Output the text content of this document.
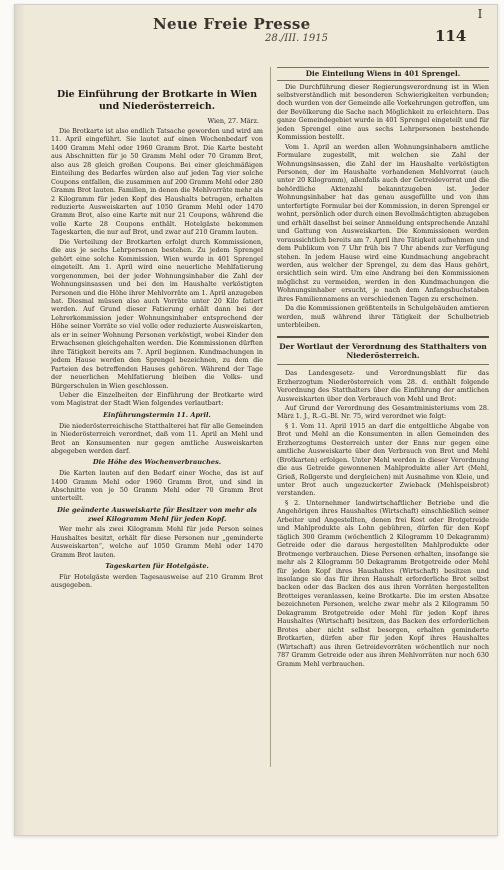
Neue Freie Presse
28./III. 1915	114
I
Die Einführung der Brotkarte in Wien und Niederösterreich.
Wien, 27. März.

Die Brotkarte ist also endlich Tatsache geworden und wird am 11. April eingeführt. Sie lautet auf einen Wochenbedarf von 1400 Gramm Mehl oder 1960 Gramm Brot. Die Karte besteht aus Abschnitten für je 50 Gramm Mehl oder 70 Gramm Brot, also aus 28 gleich großen Coupons. Bei einer gleichmäßigen Einteilung des Bedarfes würden also auf jeden Tag vier solche Coupons entfallen, die zusammen auf 200 Gramm Mehl oder 280 Gramm Brot lauten. Familien, in denen die Mehlvorräte mehr als 2 Kilogramm für jeden Kopf des Haushalts betragen, erhalten reduzierte Ausweiskarten auf 1050 Gramm Mehl oder 1470 Gramm Brot, also eine Karte mit nur 21 Coupons, während die volle Karte 28 Coupons enthält. Hotelgäste bekommen Tageskarten, die nur auf Brot, und zwar auf 210 Gramm lauten.

Die Verteilung der Brotkarten erfolgt durch Kommissionen, die aus je sechs Lehrpersonen bestehen. Zu jedem Sprengel gehört eine solche Kommission. Wien wurde in 401 Sprengel eingeteilt. Am 1. April wird eine neuerliche Mehlfatierung vorgenommen, bei der jeder Wohnungsinhaber die Zahl der Wohnungsinsassen und bei den im Haushalte verköstigten Personen und die Höhe ihrer Mehlvorräte am 1. April anzugeben hat. Diesmal müssen also auch Vorräte unter 20 Kilo fatiert werden. Auf Grund dieser Fatierung erhält dann bei der Lehrerkommission jeder Wohnungsinhaber entsprechend der Höhe seiner Vorräte so viel volle oder reduzierte Ausweiskarten, als er in seiner Wohnung Personen verköstigt, wobei Kinder den Erwachsenen gleichgehalten werden. Die Kommissionen dürften ihre Tätigkeit bereits am 7. April beginnen. Kundmachungen in jedem Hause werden den Sprengel bezeichnen, zu dem die Parteien des betreffenden Hauses gehören. Während der Tage der neuerlichen Mehlfatierung bleiben die Volks- und Bürgerschulen in Wien geschlossen.

Ueber die Einzelheiten der Einführung der Brotkarte wird vom Magistrat der Stadt Wien folgendes verlautbart:

Einführungstermin 11. April.

Die niederösterreichische Statthalterei hat für alle Gemeinden in Niederösterreich verordnet, daß vom 11. April an Mehl und Brot an Konsumenten nur gegen amtliche Ausweiskarten abgegeben werden darf.

Die Höhe des Wochenverbrauches.

Die Karten lauten auf den Bedarf einer Woche, das ist auf 1400 Gramm Mehl oder 1960 Gramm Brot, und sind in Abschnitte von je 50 Gramm Mehl oder 70 Gramm Brot unterteilt.

Die geänderte Ausweiskarte für Besitzer von mehr als zwei Kilogramm Mehl für jeden Kopf.

Wer mehr als zwei Kilogramm Mehl für jede Person seines Haushaltes besitzt, erhält für diese Personen nur „geminderte Ausweiskarten“, welche auf 1050 Gramm Mehl oder 1470 Gramm Brot lauten.

Tageskarten für Hotelgäste.

Für Hotelgäste werden Tagesausweise auf 210 Gramm Brot ausgegeben.

Die Einteilung Wiens in 401 Sprengel.

Die Durchführung dieser Regierungsverordnung ist in Wien selbstverständlich mit besonderen Schwierigkeiten verbunden; doch wurden von der Gemeinde alle Vorkehrungen getroffen, um der Bevölkerung die Sache nach Möglichkeit zu erleichtern. Das ganze Gemeindegebiet wurde in 401 Sprengel eingeteilt und für jeden Sprengel eine aus sechs Lehrpersonen bestehende Kommission bestellt.

Vom 1. April an werden allen Wohnungsinhabern amtliche Formulare zugestellt, mit welchen sie Zahl der Wohnungsinsassen, die Zahl der im Haushalte verköstigten Personen, der im Haushalte vorhandenen Mehlvorrat (auch unter 20 Kilogramm), allenfalls auch der Getreidevorrat und die behördliche Aktenzahl bekanntzugeben ist. Jeder Wohnungsinhaber hat das genau ausgefüllte und von ihm unterfertigte Formular bei der Kommission, in deren Sprengel er wohnt, persönlich oder durch einen Bevollmächtigten abzugeben und erhält daselbst bei seiner Anmeldung entsprechende Anzahl und Gattung von Ausweiskarten. Die Kommissionen werden voraussichtlich bereits am 7. April ihre Tätigkeit aufnehmen und dem Publikum von 7 Uhr früh bis 7 Uhr abends zur Verfügung stehen. In jedem Hause wird eine Kundmachung angebracht werden, aus welcher der Sprengel, zu dem das Haus gehört, ersichtlich sein wird. Um eine Andrang bei den Kommissionen möglichst zu vermeiden, werden in den Kundmachungen die Wohnungsinhaber ersucht, je nach dem Anfangsbuchstaben ihres Familiennamens an verschiedenen Tagen zu erscheinen.

Da die Kommissionen größtenteils in Schulgebäuden amtieren werden, muß während ihrer Tätigkeit der Schulbetrieb unterbleiben.

Der Wortlaut der Verordnung des Statthalters von Niederösterreich.

Das Landesgesetz- und Verordnungsblatt für das Erzherzogtum Niederösterreich vom 28. d. enthält folgende Verordnung des Statthalters über die Einführung der amtlichen Ausweiskarten über den Verbrauch von Mehl und Brot:

Auf Grund der Verordnung des Gesamtministeriums vom 28. März 1. J., R.-G.-Bl. Nr. 75, wird verordnet wie folgt:

§ 1. Vom 11. April 1915 an darf die entgeltliche Abgabe von Brot und Mehl an die Konsumenten in allen Gemeinden des Erzherzogtums Oesterreich unter der Enns nur gegen eine amtliche Ausweiskarte über den Verbrauch von Brot und Mehl (Brotkarten) erfolgen. Unter Mehl werden in dieser Verordnung die aus Getreide gewonnenen Mahlprodukte aller Art (Mehl, Grieß, Rollgerste und dergleichen) mit Ausnahme von Kleie, und unter Brot auch ungezuckerter Zwieback (Mehlspeisbrot) verstanden.

§ 2. Unternehmer landwirtschaftlicher Betriebe und die Angehörigen ihres Haushaltes (Wirtschaft) einschließlich seiner Arbeiter und Angestellten, denen frei Kost oder Brotgetreide und Mahlprodukte als Lohn gebühren, dürfen für den Kopf täglich 300 Gramm (wöchentlich 2 Kilogramm 10 Dekagramm) Getreide oder die daraus hergestellten Mahlprodukte oder Brotmenge verbrauchen. Diese Personen erhalten, insofange sie mehr als 2 Kilogramm 50 Dekagramm Brotgetreide oder Mehl für jeden Kopf ihres Haushaltes (Wirtschaft) besitzen und insolange sie das für ihren Haushalt erforderliche Brot selbst backen oder das Backen des aus ihren Vorräten hergestellten Brotteiges veranlassen, keine Brotkarte. Die im ersten Absatze bezeichneten Personen, welche zwar mehr als 2 Kilogramm 50 Dekagramm Brotgetreide oder Mehl für jeden Kopf ihres Haushaltes (Wirtschaft) besitzen, das Backen des erforderlichen Brotes aber nicht selbst besorgen, erhalten geminderte Brotkarten, dürfen aber für jeden Kopf ihres Haushaltes (Wirtschaft) aus ihren Getreidevorräten wöchentlich nur noch 787 Gramm Getreide oder aus ihren Mehlvorräten nur noch 630 Gramm Mehl verbrauchen.
